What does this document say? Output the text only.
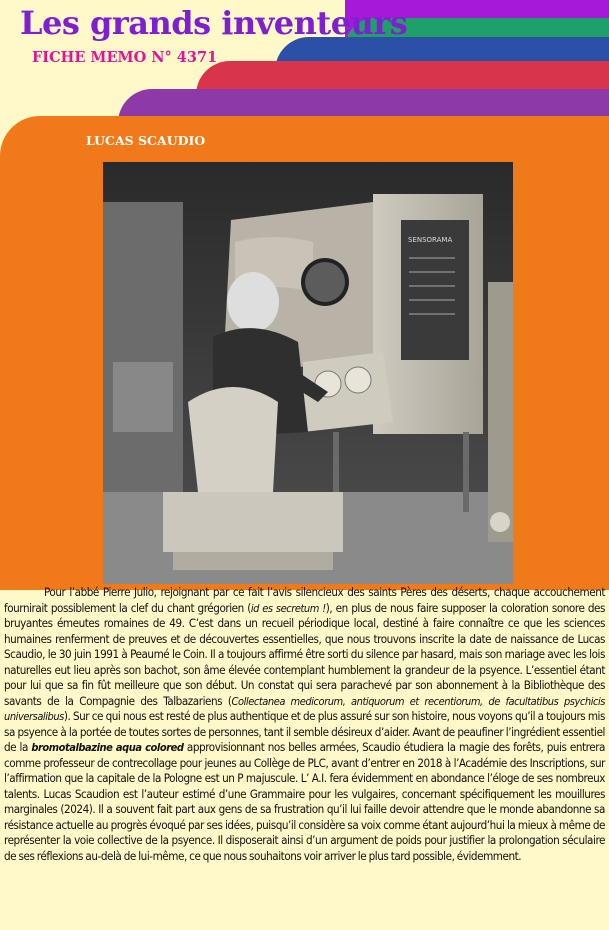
Les grands inventeurs
FICHE MEMO N° 4371
LUCAS SCAUDIO
SENSORAMA

Pour l’abbé Pierre Julio, rejoignant par ce fait l’avis silencieux des saints Pères des déserts, chaque accouchement fournirait possiblement la clef du chant grégorien (id es secretum !), en plus de nous faire supposer la coloration sonore des bruyantes émeutes romaines de 49. C’est dans un recueil périodique local, destiné à faire connaître ce que les sciences humaines renferment de preuves et de découvertes essentielles, que nous trouvons inscrite la date de naissance de Lucas Scaudio, le 30 juin 1991 à Peaumé le Coin. Il a toujours affirmé être sorti du silence par hasard, mais son mariage avec les lois naturelles eut lieu après son bachot, son âme élevée contemplant humblement la grandeur de la psyence. L’essentiel étant pour lui que sa fin fût meilleure que son début. Un constat qui sera parachevé par son abonnement à la Bibliothèque des savants de la Compagnie des Talbazariens (Collectanea medicorum, antiquorum et recentiorum, de facultatibus psychicis universalibus). Sur ce qui nous est resté de plus authentique et de plus assuré sur son histoire, nous voyons qu’il a toujours mis sa psyence à la portée de toutes sortes de personnes, tant il semble désireux d’aider. Avant de peaufiner l’ingrédient essentiel de la bromotalbazine aqua colored approvisionnant nos belles armées, Scaudio étudiera la magie des forêts, puis entrera comme professeur de contrecollage pour jeunes au Collège de PLC, avant d’entrer en 2018 à l’Académie des Inscriptions, sur l’affirmation que la capitale de la Pologne est un P majuscule. L’ A.I. fera évidemment en abondance l’éloge de ses nombreux talents. Lucas Scaudion est l’auteur estimé d’une Grammaire pour les vulgaires, concernant spécifiquement les mouillures marginales (2024). Il a souvent fait part aux gens de sa frustration qu’il lui faille devoir attendre que le monde abandonne sa résistance actuelle au progrès évoqué par ses idées, puisqu’il considère sa voix comme étant aujourd’hui la mieux à même de représenter la voie collective de la psyence. Il disposerait ainsi d’un argument de poids pour justifier la prolongation séculaire de ses réflexions au-delà de lui-même, ce que nous souhaitons voir arriver le plus tard possible, évidemment.
